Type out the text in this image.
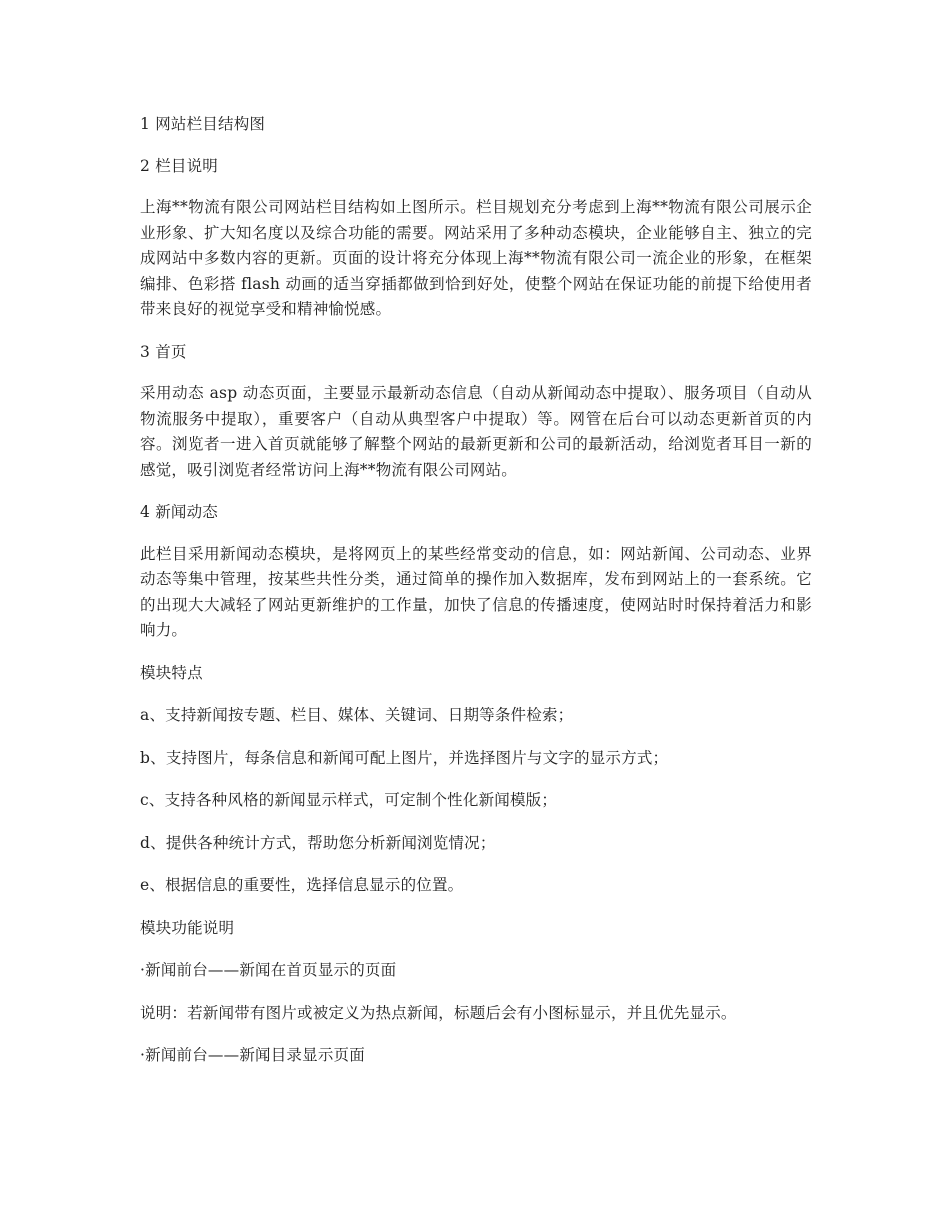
1 网站栏目结构图

2 栏目说明

上海**物流有限公司网站栏目结构如上图所示。栏目规划充分考虑到上海**物流有限公司展示企业形象、扩大知名度以及综合功能的需要。网站采用了多种动态模块，企业能够自主、独立的完成网站中多数内容的更新。页面的设计将充分体现上海**物流有限公司一流企业的形象，在框架编排、色彩搭 flash 动画的适当穿插都做到恰到好处，使整个网站在保证功能的前提下给使用者带来良好的视觉享受和精神愉悦感。

3 首页

采用动态 asp 动态页面，主要显示最新动态信息（自动从新闻动态中提取）、服务项目（自动从物流服务中提取），重要客户（自动从典型客户中提取）等。网管在后台可以动态更新首页的内容。浏览者一进入首页就能够了解整个网站的最新更新和公司的最新活动，给浏览者耳目一新的感觉，吸引浏览者经常访问上海**物流有限公司网站。

4 新闻动态

此栏目采用新闻动态模块，是将网页上的某些经常变动的信息，如：网站新闻、公司动态、业界动态等集中管理，按某些共性分类，通过简单的操作加入数据库，发布到网站上的一套系统。它的出现大大减轻了网站更新维护的工作量，加快了信息的传播速度，使网站时时保持着活力和影响力。

模块特点

a、支持新闻按专题、栏目、媒体、关键词、日期等条件检索；

b、支持图片，每条信息和新闻可配上图片，并选择图片与文字的显示方式；

c、支持各种风格的新闻显示样式，可定制个性化新闻模版；

d、提供各种统计方式，帮助您分析新闻浏览情况；

e、根据信息的重要性，选择信息显示的位置。

模块功能说明

·新闻前台——新闻在首页显示的页面

说明：若新闻带有图片或被定义为热点新闻，标题后会有小图标显示，并且优先显示。

·新闻前台——新闻目录显示页面
